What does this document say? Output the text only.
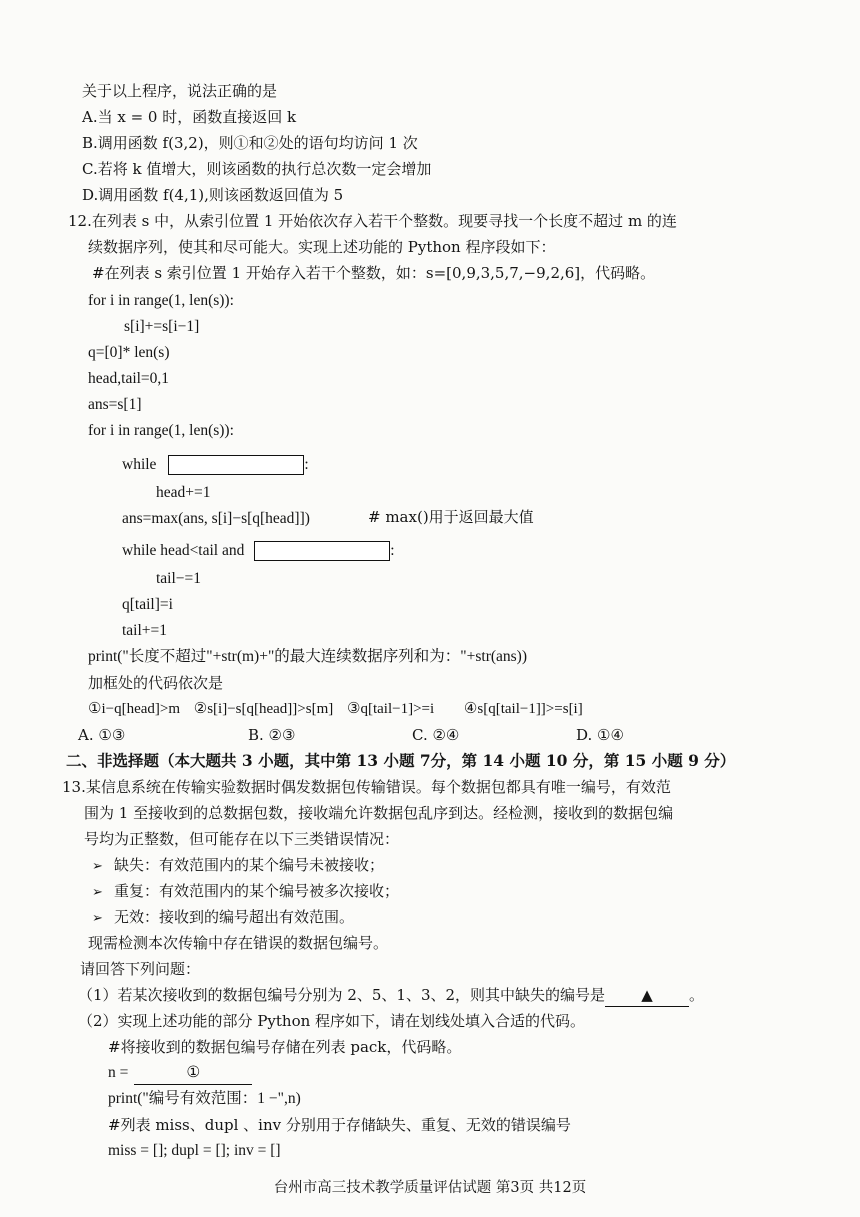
关于以上程序，说法正确的是
A.当 x = 0 时，函数直接返回 k
B.调用函数 f(3,2)，则①和②处的语句均访问 1 次
C.若将 k 值增大，则该函数的执行总次数一定会增加
D.调用函数 f(4,1),则该函数返回值为 5
12.在列表 s 中，从索引位置 1 开始依次存入若干个整数。现要寻找一个长度不超过 m 的连
续数据序列，使其和尽可能大。实现上述功能的 Python 程序段如下：
#在列表 s 索引位置 1 开始存入若干个整数，如：s=[0,9,3,5,7,−9,2,6]，代码略。
for i in range(1, len(s)):
s[i]+=s[i−1]
q=[0]* len(s)
head,tail=0,1
ans=s[1]
for i in range(1, len(s)):
while	:
head+=1
ans=max(ans, s[i]−s[q[head]])	# max()用于返回最大值
while head<tail and	:
tail−=1
q[tail]=i
tail+=1
print("长度不超过"+str(m)+"的最大连续数据序列和为："+str(ans))
加框处的代码依次是
①i−q[head]>m ②s[i]−s[q[head]]>s[m] ③q[tail−1]>=i ④s[q[tail−1]]>=s[i]
A. ①③	B. ②③	C. ②④	D. ①④
二、非选择题（本大题共 3 小题，其中第 13 小题 7分，第 14 小题 10 分，第 15 小题 9 分）
13.某信息系统在传输实验数据时偶发数据包传输错误。每个数据包都具有唯一编号，有效范
围为 1 至接收到的总数据包数，接收端允许数据包乱序到达。经检测，接收到的数据包编
号均为正整数，但可能存在以下三类错误情况：
➢ 缺失：有效范围内的某个编号未被接收；
➢ 重复：有效范围内的某个编号被多次接收；
➢ 无效：接收到的编号超出有效范围。
现需检测本次传输中存在错误的数据包编号。
请回答下列问题：
（1）若某次接收到的数据包编号分别为 2、5、1、3、2，则其中缺失的编号是 ▲ 。
（2）实现上述功能的部分 Python 程序如下，请在划线处填入合适的代码。
#将接收到的数据包编号存储在列表 pack，代码略。
n =	①
print("编号有效范围：1 −",n)
#列表 miss、dupl 、inv 分别用于存储缺失、重复、无效的错误编号
miss = []; dupl = []; inv = []
台州市高三技术教学质量评估试题 第3页 共12页
